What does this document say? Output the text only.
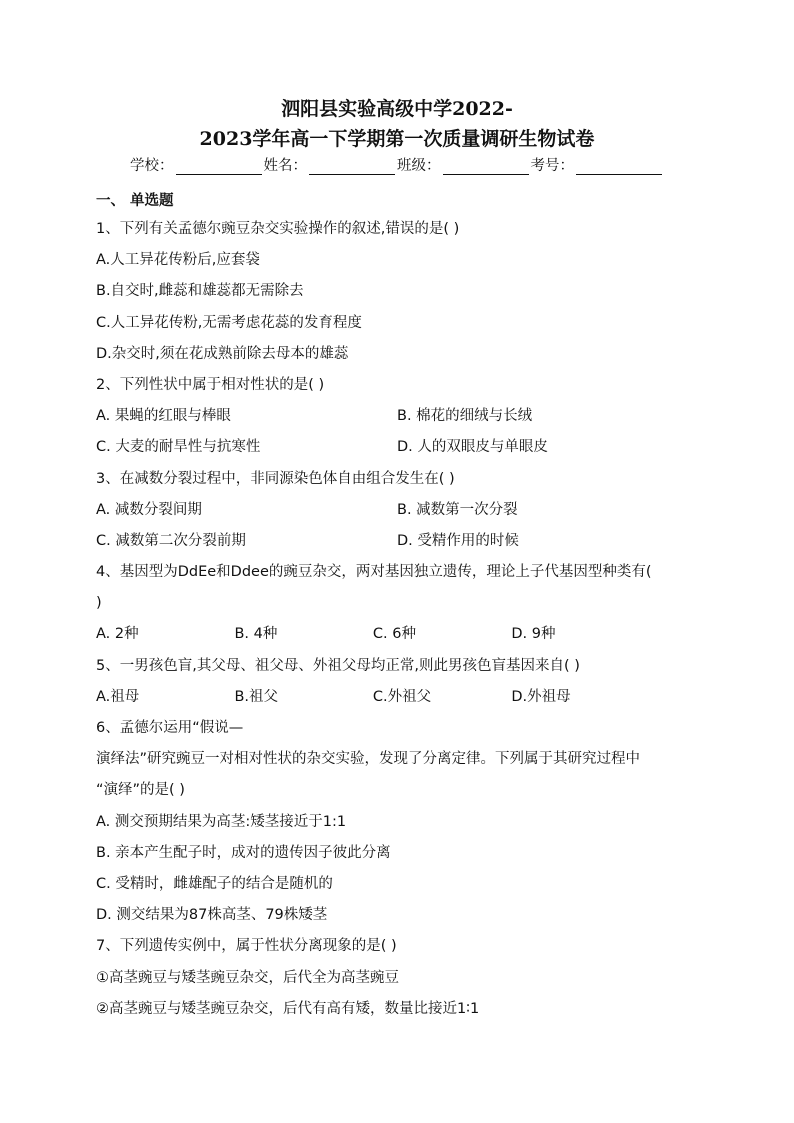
泗阳县实验高级中学2022-
2023学年高一下学期第一次质量调研生物试卷
学校：	姓名：	班级：	考号：
一、 单选题
1、下列有关孟德尔豌豆杂交实验操作的叙述,错误的是( )
A.人工异花传粉后,应套袋
B.自交时,雌蕊和雄蕊都无需除去
C.人工异花传粉,无需考虑花蕊的发育程度
D.杂交时,须在花成熟前除去母本的雄蕊
2、下列性状中属于相对性状的是( )
A. 果蝇的红眼与棒眼	B. 棉花的细绒与长绒
C. 大麦的耐旱性与抗寒性	D. 人的双眼皮与单眼皮
3、在减数分裂过程中，非同源染色体自由组合发生在( )
A. 减数分裂间期	B. 减数第一次分裂
C. 减数第二次分裂前期	D. 受精作用的时候
4、基因型为DdEe和Ddee的豌豆杂交，两对基因独立遗传，理论上子代基因型种类有(
)
A. 2种	B. 4种	C. 6种	D. 9种
5、一男孩色盲,其父母、祖父母、外祖父母均正常,则此男孩色盲基因来自( )
A.祖母	B.祖父	C.外祖父	D.外祖母
6、孟德尔运用“假说—
演绎法”研究豌豆一对相对性状的杂交实验，发现了分离定律。下列属于其研究过程中
“演绎”的是( )
A. 测交预期结果为高茎:矮茎接近于1:1
B. 亲本产生配子时，成对的遗传因子彼此分离
C. 受精时，雌雄配子的结合是随机的
D. 测交结果为87株高茎、79株矮茎
7、下列遗传实例中，属于性状分离现象的是( )
①高茎豌豆与矮茎豌豆杂交，后代全为高茎豌豆
②高茎豌豆与矮茎豌豆杂交，后代有高有矮，数量比接近1∶1
